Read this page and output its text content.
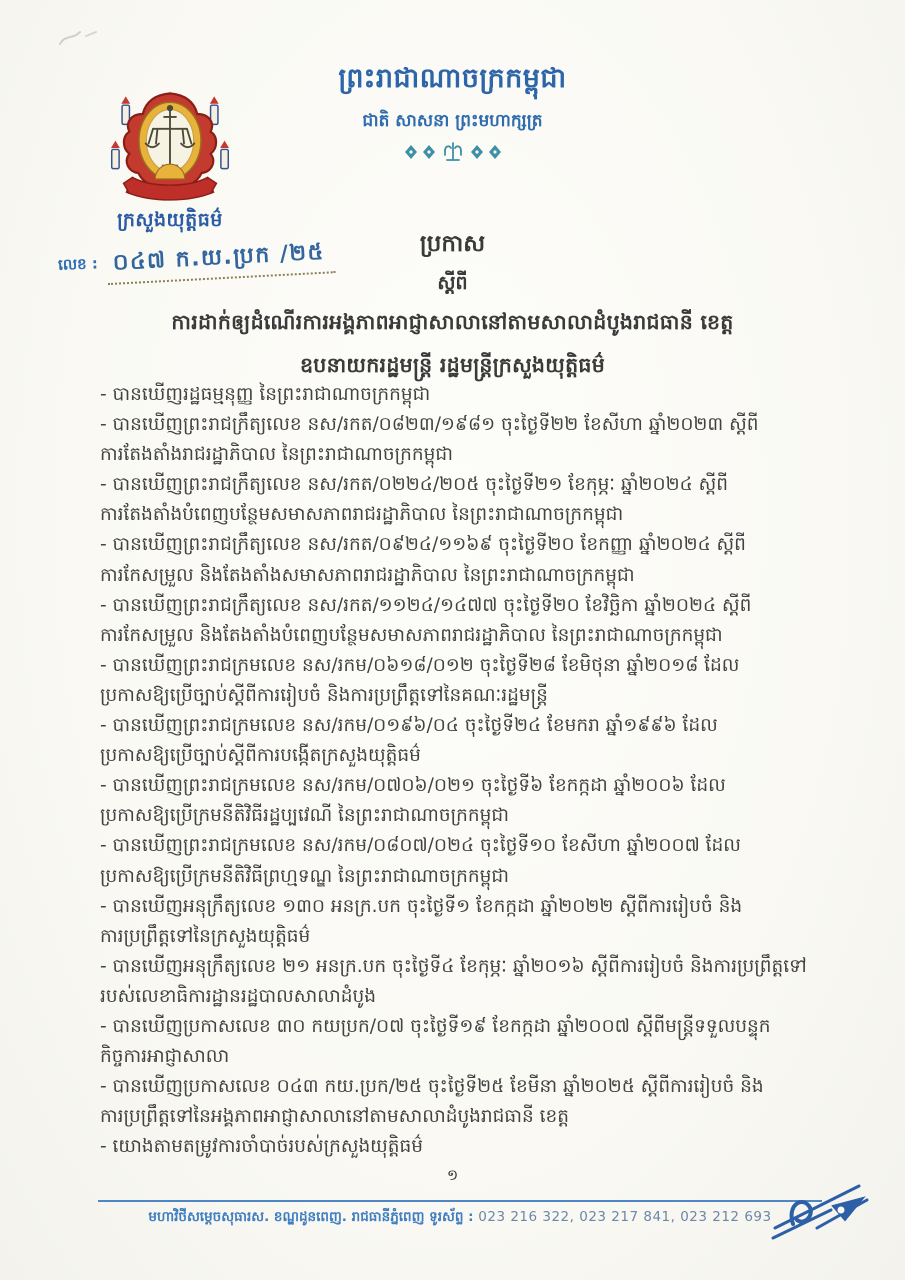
ព្រះរាជាណាចក្រកម្ពុជា
ជាតិ សាសនា ព្រះមហាក្សត្រ
ក្រសួងយុត្តិធម៌
លេខ : ០៤៧ ក.យ.ប្រក /២៥	ប្រកាស
ស្តីពី
ការដាក់ឲ្យដំណើរការអង្គភាពអាជ្ញាសាលានៅតាមសាលាដំបូងរាជធានី ខេត្ត
ឧបនាយករដ្ឋមន្ត្រី រដ្ឋមន្ត្រីក្រសួងយុត្តិធម៌
- បានឃើញរដ្ឋធម្មនុញ្ញ នៃព្រះរាជាណាចក្រកម្ពុជា
- បានឃើញព្រះរាជក្រឹត្យលេខ នស/រកត/០៨២៣/១៩៨១ ចុះថ្ងៃទី២២ ខែសីហា ឆ្នាំ២០២៣ ស្តីពី
ការតែងតាំងរាជរដ្ឋាភិបាល នៃព្រះរាជាណាចក្រកម្ពុជា
- បានឃើញព្រះរាជក្រឹត្យលេខ នស/រកត/០២២៤/២០៥ ចុះថ្ងៃទី២១ ខែកុម្ភៈ ឆ្នាំ២០២៤ ស្តីពី
ការតែងតាំងបំពេញបន្ថែមសមាសភាពរាជរដ្ឋាភិបាល នៃព្រះរាជាណាចក្រកម្ពុជា
- បានឃើញព្រះរាជក្រឹត្យលេខ នស/រកត/០៩២៤/១១៦៩ ចុះថ្ងៃទី២០ ខែកញ្ញា ឆ្នាំ២០២៤ ស្តីពី
ការកែសម្រួល និងតែងតាំងសមាសភាពរាជរដ្ឋាភិបាល នៃព្រះរាជាណាចក្រកម្ពុជា
- បានឃើញព្រះរាជក្រឹត្យលេខ នស/រកត/១១២៤/១៤៧៧ ចុះថ្ងៃទី២០ ខែវិច្ឆិកា ឆ្នាំ២០២៤ ស្តីពី
ការកែសម្រួល និងតែងតាំងបំពេញបន្ថែមសមាសភាពរាជរដ្ឋាភិបាល នៃព្រះរាជាណាចក្រកម្ពុជា
- បានឃើញព្រះរាជក្រមលេខ នស/រកម/០៦១៨/០១២ ចុះថ្ងៃទី២៨ ខែមិថុនា ឆ្នាំ២០១៨ ដែល
ប្រកាសឱ្យប្រើច្បាប់ស្តីពីការរៀបចំ និងការប្រព្រឹត្តទៅនៃគណៈរដ្ឋមន្ត្រី
- បានឃើញព្រះរាជក្រមលេខ នស/រកម/០១៩៦/០៤ ចុះថ្ងៃទី២៤ ខែមករា ឆ្នាំ១៩៩៦ ដែល
ប្រកាសឱ្យប្រើច្បាប់ស្តីពីការបង្កើតក្រសួងយុត្តិធម៌
- បានឃើញព្រះរាជក្រមលេខ នស/រកម/០៧០៦/០២១ ចុះថ្ងៃទី៦ ខែកក្កដា ឆ្នាំ២០០៦ ដែល
ប្រកាសឱ្យប្រើក្រមនីតិវិធីរដ្ឋប្បវេណី នៃព្រះរាជាណាចក្រកម្ពុជា
- បានឃើញព្រះរាជក្រមលេខ នស/រកម/០៨០៧/០២៤ ចុះថ្ងៃទី១០ ខែសីហា ឆ្នាំ២០០៧ ដែល
ប្រកាសឱ្យប្រើក្រមនីតិវិធីព្រហ្មទណ្ឌ នៃព្រះរាជាណាចក្រកម្ពុជា
- បានឃើញអនុក្រឹត្យលេខ ១៣០ អនក្រ.បក ចុះថ្ងៃទី១ ខែកក្កដា ឆ្នាំ២០២២ ស្តីពីការរៀបចំ និង
ការប្រព្រឹត្តទៅនៃក្រសួងយុត្តិធម៌
- បានឃើញអនុក្រឹត្យលេខ ២១ អនក្រ.បក ចុះថ្ងៃទី៤ ខែកុម្ភៈ ឆ្នាំ២០១៦ ស្តីពីការរៀបចំ និងការប្រព្រឹត្តទៅ
របស់លេខាធិការដ្ឋានរដ្ឋបាលសាលាដំបូង
- បានឃើញប្រកាសលេខ ៣០ កយប្រក/០៧ ចុះថ្ងៃទី១៩ ខែកក្កដា ឆ្នាំ២០០៧ ស្តីពីមន្ត្រីទទួលបន្ទុក
កិច្ចការអាជ្ញាសាលា
- បានឃើញប្រកាសលេខ ០៤៣ កយ.ប្រក/២៥ ចុះថ្ងៃទី២៥ ខែមីនា ឆ្នាំ២០២៥ ស្តីពីការរៀបចំ និង
ការប្រព្រឹត្តទៅនៃអង្គភាពអាជ្ញាសាលានៅតាមសាលាដំបូងរាជធានី ខេត្ត
- យោងតាមតម្រូវការចាំបាច់របស់ក្រសួងយុត្តិធម៌
១
មហាវិថីសម្ដេចសុធារស. ខណ្ឌដូនពេញ. រាជធានីភ្នំពេញ ទូរស័ព្ទ : 023 216 322, 023 217 841, 023 212 693
